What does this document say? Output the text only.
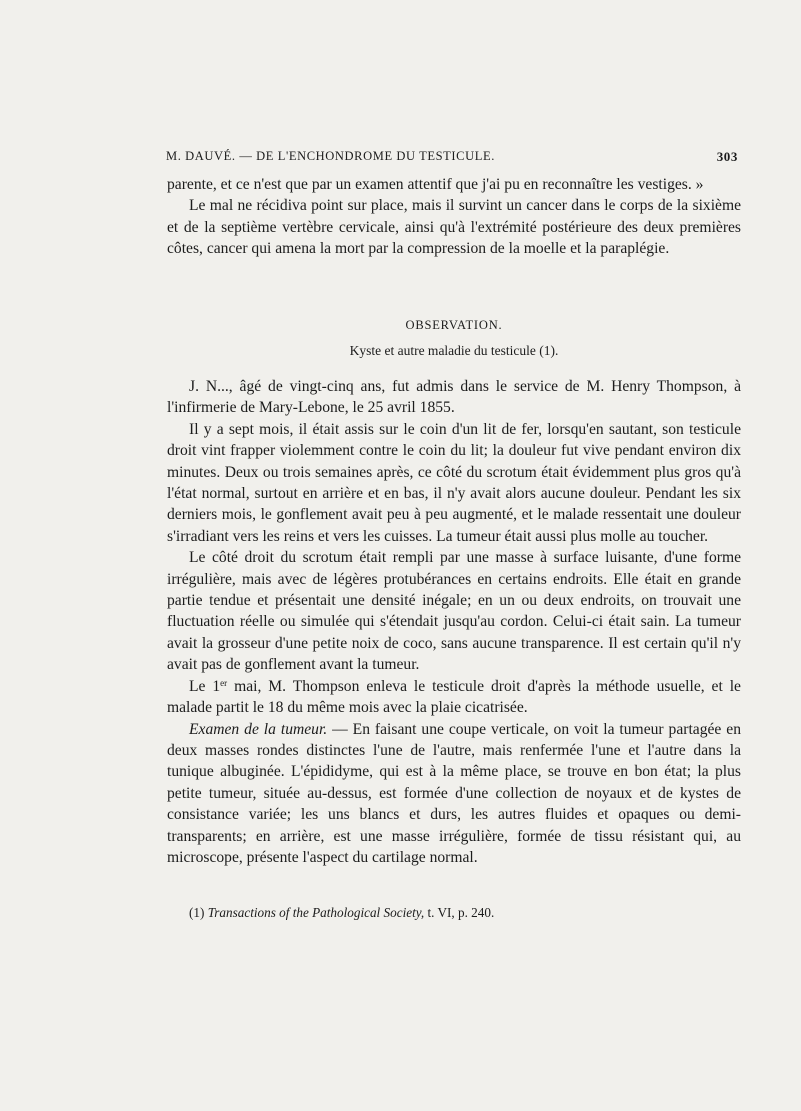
M. DAUVÉ. — DE L'ENCHONDROME DU TESTICULE.	303

parente, et ce n'est que par un examen attentif que j'ai pu en reconnaître les vestiges. »

Le mal ne récidiva point sur place, mais il survint un cancer dans le corps de la sixième et de la septième vertèbre cervicale, ainsi qu'à l'extrémité postérieure des deux premières côtes, cancer qui amena la mort par la compression de la moelle et la paraplégie.

OBSERVATION.
Kyste et autre maladie du testicule (1).

J. N..., âgé de vingt-cinq ans, fut admis dans le service de M. Henry Thompson, à l'infirmerie de Mary-Lebone, le 25 avril 1855.

Il y a sept mois, il était assis sur le coin d'un lit de fer, lorsqu'en sautant, son testicule droit vint frapper violemment contre le coin du lit; la douleur fut vive pendant environ dix minutes. Deux ou trois semaines après, ce côté du scrotum était évidemment plus gros qu'à l'état normal, surtout en arrière et en bas, il n'y avait alors aucune douleur. Pendant les six derniers mois, le gonflement avait peu à peu augmenté, et le malade ressentait une douleur s'irradiant vers les reins et vers les cuisses. La tumeur était aussi plus molle au toucher.

Le côté droit du scrotum était rempli par une masse à surface luisante, d'une forme irrégulière, mais avec de légères protubérances en certains endroits. Elle était en grande partie tendue et présentait une densité inégale; en un ou deux endroits, on trouvait une fluctuation réelle ou simulée qui s'étendait jusqu'au cordon. Celui-ci était sain. La tumeur avait la grosseur d'une petite noix de coco, sans aucune transparence. Il est certain qu'il n'y avait pas de gonflement avant la tumeur.

Le 1er mai, M. Thompson enleva le testicule droit d'après la méthode usuelle, et le malade partit le 18 du même mois avec la plaie cicatrisée.

Examen de la tumeur. — En faisant une coupe verticale, on voit la tumeur partagée en deux masses rondes distinctes l'une de l'autre, mais renfermée l'une et l'autre dans la tunique albuginée. L'épididyme, qui est à la même place, se trouve en bon état; la plus petite tumeur, située au-dessus, est formée d'une collection de noyaux et de kystes de consistance variée; les uns blancs et durs, les autres fluides et opaques ou demi-transparents; en arrière, est une masse irrégulière, formée de tissu résistant qui, au microscope, présente l'aspect du cartilage normal.

(1) Transactions of the Pathological Society, t. VI, p. 240.
